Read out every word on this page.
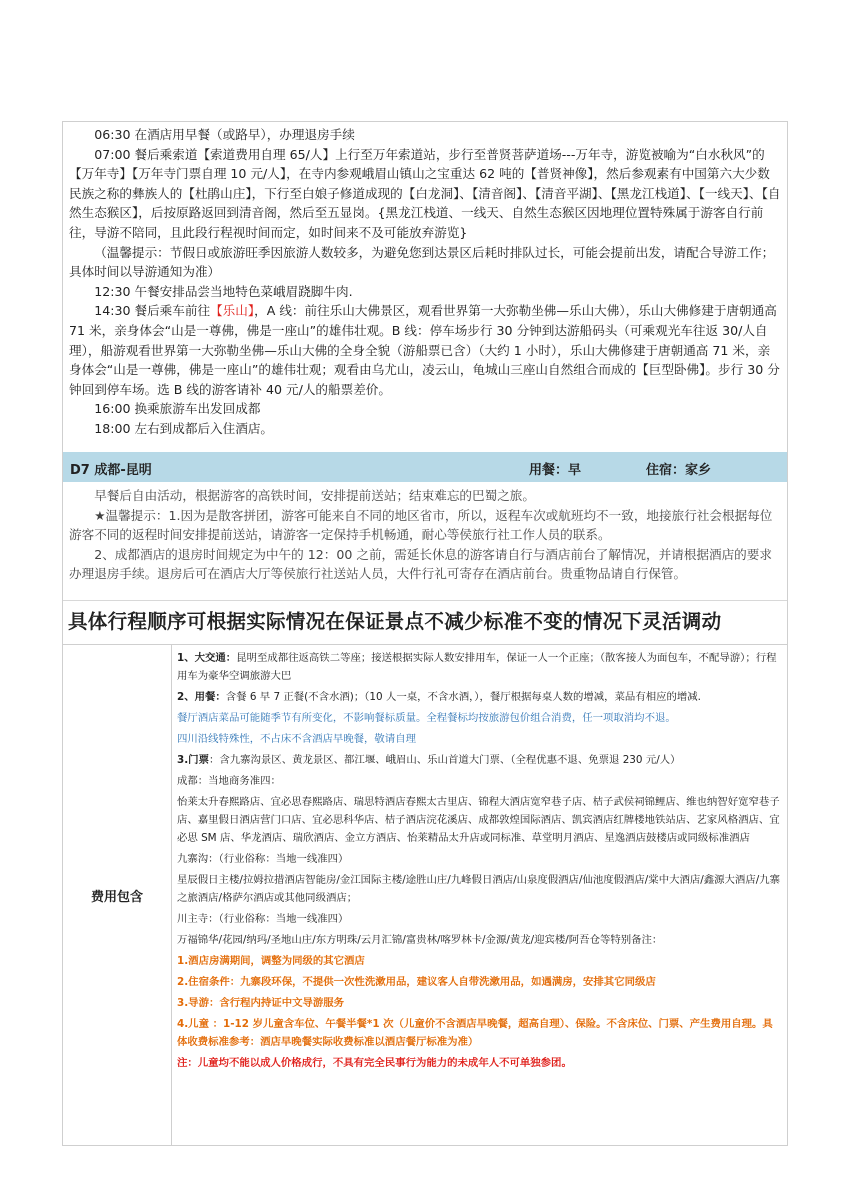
06:30 在酒店用早餐（或路早），办理退房手续

07:00 餐后乘索道【索道费用自理 65/人】上行至万年索道站，步行至普贤菩萨道场---万年寺，游览被喻为“白水秋风”的【万年寺】【万年寺门票自理 10 元/人】，在寺内参观峨眉山镇山之宝重达 62 吨的【普贤神像】，然后参观素有中国第六大少数民族之称的彝族人的【杜鹃山庄】，下行至白娘子修道成现的【白龙洞】、【清音阁】、【清音平湖】、【黑龙江栈道】、【一线天】、【自然生态猴区】，后按原路返回到清音阁，然后至五显岗。{黑龙江栈道、一线天、自然生态猴区因地理位置特殊属于游客自行前往，导游不陪同，且此段行程视时间而定，如时间来不及可能放弃游览}

（温馨提示：节假日或旅游旺季因旅游人数较多，为避免您到达景区后耗时排队过长，可能会提前出发，请配合导游工作；具体时间以导游通知为准）

12:30 午餐安排品尝当地特色菜峨眉跷脚牛肉.

14:30 餐后乘车前往【乐山】，A 线：前往乐山大佛景区，观看世界第一大弥勒坐佛—乐山大佛），乐山大佛修建于唐朝通高 71 米，亲身体会“山是一尊佛，佛是一座山”的雄伟壮观。B 线：停车场步行 30 分钟到达游船码头（可乘观光车往返 30/人自理），船游观看世界第一大弥勒坐佛—乐山大佛的全身全貌（游船票已含）（大约 1 小时），乐山大佛修建于唐朝通高 71 米，亲身体会“山是一尊佛，佛是一座山”的雄伟壮观；观看由乌尤山，凌云山，龟城山三座山自然组合而成的【巨型卧佛】。步行 30 分钟回到停车场。选 B 线的游客请补 40 元/人的船票差价。

16:00 换乘旅游车出发回成都

18:00 左右到成都后入住酒店。

D7 成都-昆明	用餐：早	住宿：家乡

早餐后自由活动，根据游客的高铁时间，安排提前送站；结束难忘的巴蜀之旅。

★温馨提示：1.因为是散客拼团，游客可能来自不同的地区省市，所以，返程车次或航班均不一致，地接旅行社会根据每位游客不同的返程时间安排提前送站，请游客一定保持手机畅通，耐心等侯旅行社工作人员的联系。

2、成都酒店的退房时间规定为中午的 12：00 之前，需延长休息的游客请自行与酒店前台了解情况，并请根据酒店的要求办理退房手续。退房后可在酒店大厅等侯旅行社送站人员，大件行礼可寄存在酒店前台。贵重物品请自行保管。

具体行程顺序可根据实际情况在保证景点不减少标准不变的情况下灵活调动
费用包含

1、大交通：昆明至成都往返高铁二等座；接送根据实际人数安排用车，保证一人一个正座；（散客接人为面包车，不配导游）；行程用车为豪华空调旅游大巴

2、用餐：含餐 6 早 7 正餐(不含水酒)；（10 人一桌，不含水酒，），餐厅根据每桌人数的增减，菜品有相应的增减.

餐厅酒店菜品可能随季节有所变化，不影响餐标质量。全程餐标均按旅游包价组合消费，任一项取消均不退。

四川沿线特殊性，不占床不含酒店早晚餐，敬请自理

3.门票：含九寨沟景区、黄龙景区、都江堰、峨眉山、乐山首道大门票、（全程优惠不退、免票退 230 元/人）

成都：当地商务准四：

怡莱太升春熙路店、宜必思春熙路店、瑞思特酒店春熙太古里店、锦程大酒店宽窄巷子店、桔子武侯祠锦鲤店、维也纳智好宽窄巷子店、嘉里假日酒店营门口店、宜必思科华店、桔子酒店浣花溪店、成都敦煌国际酒店、凯宾酒店红牌楼地铁站店、艺家风格酒店、宜必思 SM 店、华龙酒店、瑞欣酒店、金立方酒店、怡莱精品太升店或同标准、草堂明月酒店、星逸酒店鼓楼店或同级标准酒店

九寨沟：（行业俗称：当地一线准四）

星辰假日主楼/拉姆拉措酒店智能房/金江国际主楼/途胜山庄/九峰假日酒店/山泉度假酒店/仙池度假酒店/棠中大酒店/鑫源大酒店/九寨之旅酒店/格萨尔酒店或其他同级酒店；

川主寺：（行业俗称：当地一线准四）

万福锦华/花园/纳玛/圣地山庄/东方明珠/云月汇锦/富贵林/喀罗林卡/金源/黄龙/迎宾楼/阿吾仓等特别备注：

1.酒店房满期间，调整为同级的其它酒店

2.住宿条件：九寨段环保，不提供一次性洗漱用品，建议客人自带洗漱用品，如遇满房，安排其它同级店

3.导游：含行程内持证中文导游服务

4.儿童 ：1-12 岁儿童含车位、午餐半餐*1 次（儿童价不含酒店早晚餐，超高自理）、保险。不含床位、门票、产生费用自理。具体收费标准参考：酒店早晚餐实际收费标准以酒店餐厅标准为准）

注：儿童均不能以成人价格成行，不具有完全民事行为能力的未成年人不可单独参团。
